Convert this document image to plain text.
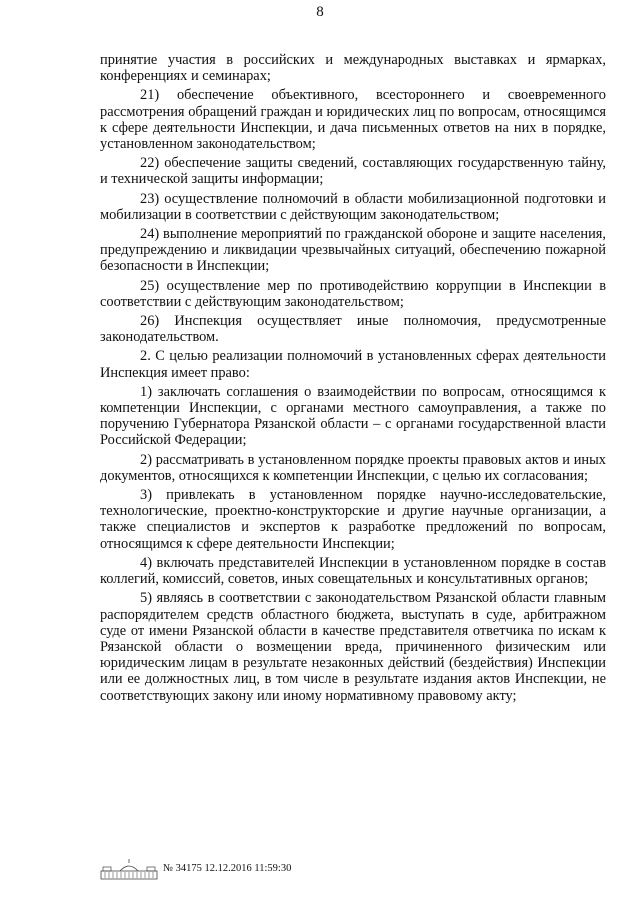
8

принятие участия в российских и международных выставках и ярмарках, конференциях и семинарах;

21) обеспечение объективного, всестороннего и своевременного рассмотрения обращений граждан и юридических лиц по вопросам, относящимся к сфере деятельности Инспекции, и дача письменных ответов на них в порядке, установленном законодательством;

22) обеспечение защиты сведений, составляющих государственную тайну, и технической защиты информации;

23) осуществление полномочий в области мобилизационной подготовки и мобилизации в соответствии с действующим законодательством;

24) выполнение мероприятий по гражданской обороне и защите населения, предупреждению и ликвидации чрезвычайных ситуаций, обеспечению пожарной безопасности в Инспекции;

25) осуществление мер по противодействию коррупции в Инспекции в соответствии с действующим законодательством;

26) Инспекция осуществляет иные полномочия, предусмотренные законодательством.

2. С целью реализации полномочий в установленных сферах деятельности Инспекция имеет право:

1) заключать соглашения о взаимодействии по вопросам, относящимся к компетенции Инспекции, с органами местного самоуправления, а также по поручению Губернатора Рязанской области – с органами государственной власти Российской Федерации;

2) рассматривать в установленном порядке проекты правовых актов и иных документов, относящихся к компетенции Инспекции, с целью их согласования;

3) привлекать в установленном порядке научно-исследовательские, технологические, проектно-конструкторские и другие научные организации, а также специалистов и экспертов к разработке предложений по вопросам, относящимся к сфере деятельности Инспекции;

4) включать представителей Инспекции в установленном порядке в состав коллегий, комиссий, советов, иных совещательных и консультативных органов;

5) являясь в соответствии с законодательством Рязанской области главным распорядителем средств областного бюджета, выступать в суде, арбитражном суде от имени Рязанской области в качестве представителя ответчика по искам к Рязанской области о возмещении вреда, причиненного физическим или юридическим лицам в результате незаконных действий (бездействия) Инспекции или ее должностных лиц, в том числе в результате издания актов Инспекции, не соответствующих закону или иному нормативному правовому акту;

№ 34175 12.12.2016 11:59:30
